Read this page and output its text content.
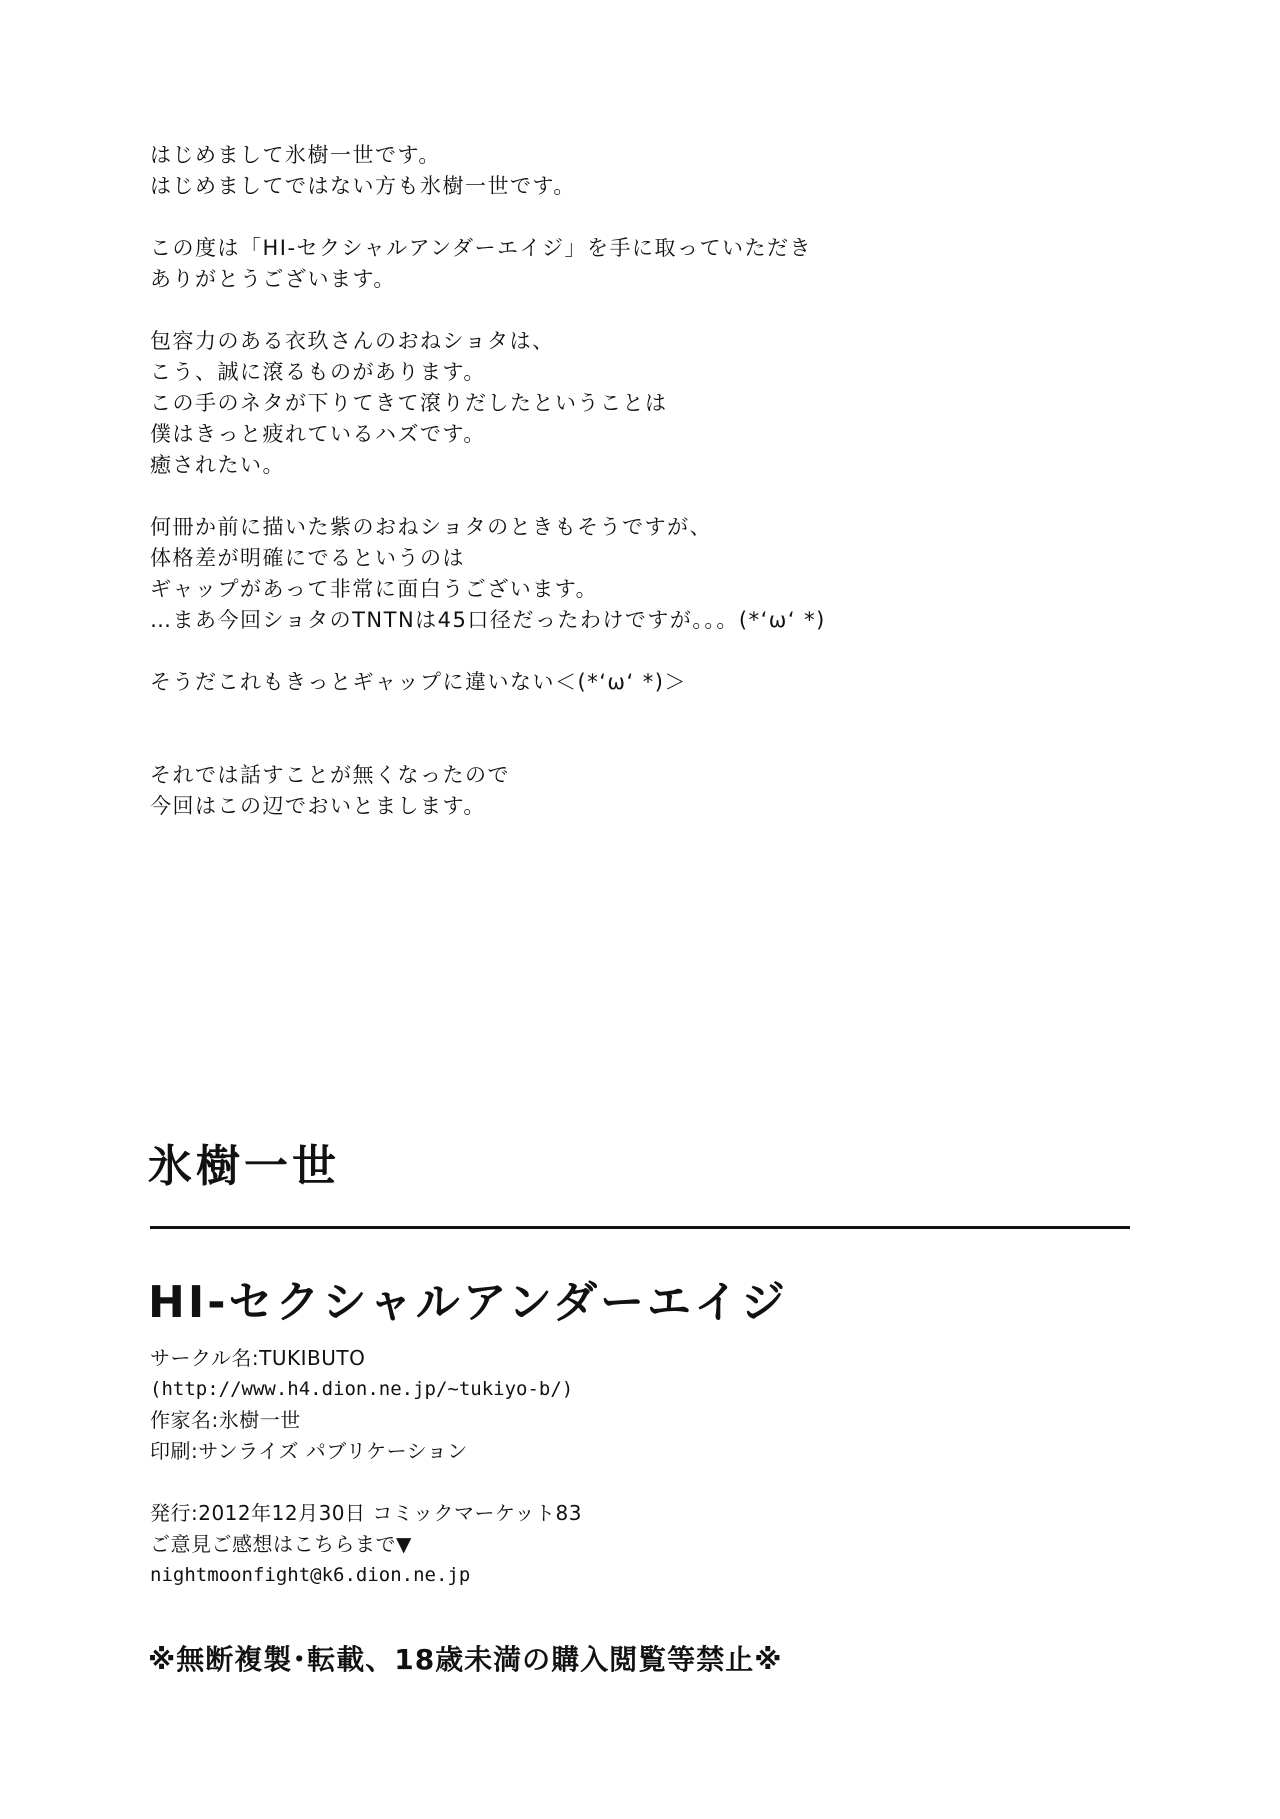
はじめまして氷樹一世です。
はじめましてではない方も氷樹一世です。
この度は「HI-セクシャルアンダーエイジ」を手に取っていただき
ありがとうございます。
包容力のある衣玖さんのおねショタは、
こう、誠に滾るものがあります。
この手のネタが下りてきて滾りだしたということは
僕はきっと疲れているハズです。
癒されたい。
何冊か前に描いた紫のおねショタのときもそうですが、
体格差が明確にでるというのは
ギャップがあって非常に面白うございます。
…まあ今回ショタのTNTNは45口径だったわけですが。。。(*‘ω‘ *)
そうだこれもきっとギャップに違いない＜(*‘ω‘ *)＞
それでは話すことが無くなったので
今回はこの辺でおいとまします。
氷樹一世
HI-セクシャルアンダーエイジ
サークル名:TUKIBUTO
(http://www.h4.dion.ne.jp/~tukiyo-b/)
作家名:氷樹一世
印刷:サンライズ パブリケーション
発行:2012年12月30日 コミックマーケット83
ご意見ご感想はこちらまで▼
nightmoonfight@k6.dion.ne.jp
※無断複製･転載、18歳未満の購入閲覧等禁止※
